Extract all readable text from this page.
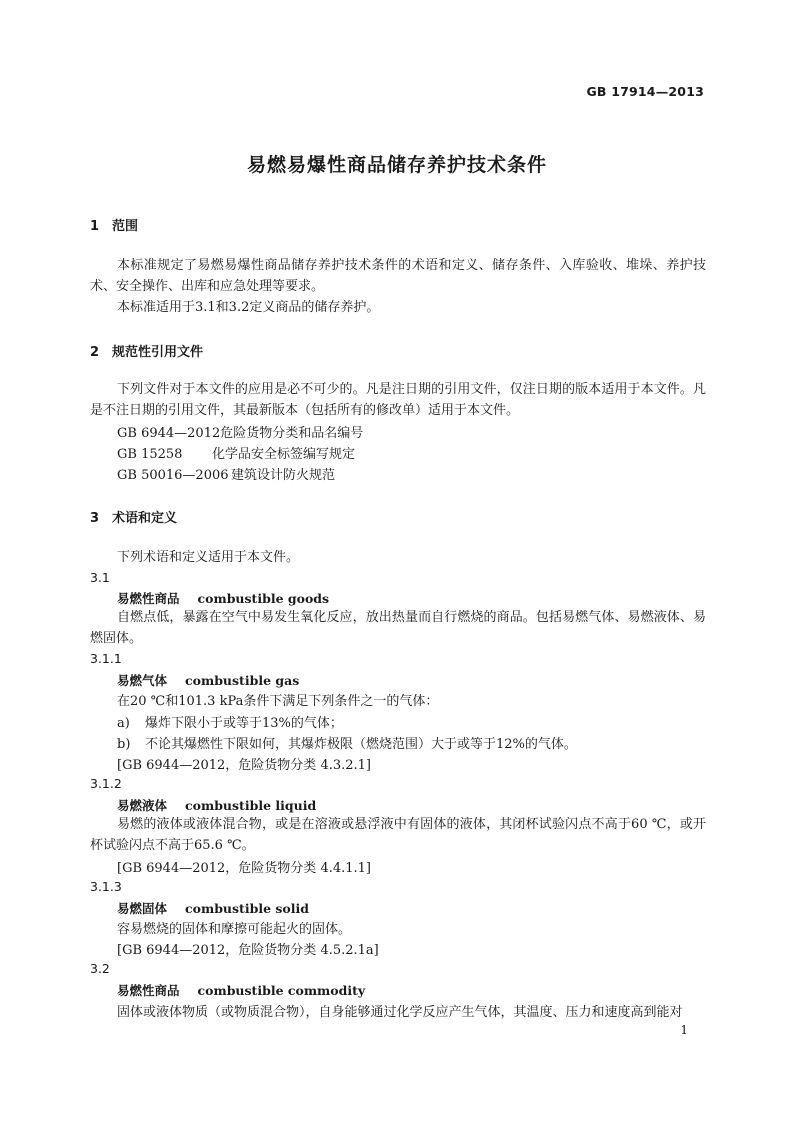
GB 17914—2013
易燃易爆性商品储存养护技术条件
1 范围
本标准规定了易燃易爆性商品储存养护技术条件的术语和定义、储存条件、入库验收、堆垛、养护技术、安全操作、出库和应急处理等要求。
本标准适用于3.1和3.2定义商品的储存养护。
2 规范性引用文件
下列文件对于本文件的应用是必不可少的。凡是注日期的引用文件，仅注日期的版本适用于本文件。凡是不注日期的引用文件，其最新版本（包括所有的修改单）适用于本文件。
GB 6944—2012危险货物分类和品名编号
GB 15258 化学品安全标签编写规定
GB 50016—2006 建筑设计防火规范
3 术语和定义
下列术语和定义适用于本文件。
3.1
易燃性商品 combustible goods
自燃点低，暴露在空气中易发生氧化反应，放出热量而自行燃烧的商品。包括易燃气体、易燃液体、易燃固体。
3.1.1
易燃气体 combustible gas
在20 ℃和101.3 kPa条件下满足下列条件之一的气体：
a) 爆炸下限小于或等于13%的气体；
b) 不论其爆燃性下限如何，其爆炸极限（燃烧范围）大于或等于12%的气体。
[GB 6944—2012，危险货物分类 4.3.2.1]
3.1.2
易燃液体 combustible liquid
易燃的液体或液体混合物，或是在溶液或悬浮液中有固体的液体，其闭杯试验闪点不高于60 ℃，或开杯试验闪点不高于65.6 ℃。
[GB 6944—2012，危险货物分类 4.4.1.1]
3.1.3
易燃固体 combustible solid
容易燃烧的固体和摩擦可能起火的固体。
[GB 6944—2012，危险货物分类 4.5.2.1a]
3.2
易燃性商品 combustible commodity
固体或液体物质（或物质混合物），自身能够通过化学反应产生气体，其温度、压力和速度高到能对
1
